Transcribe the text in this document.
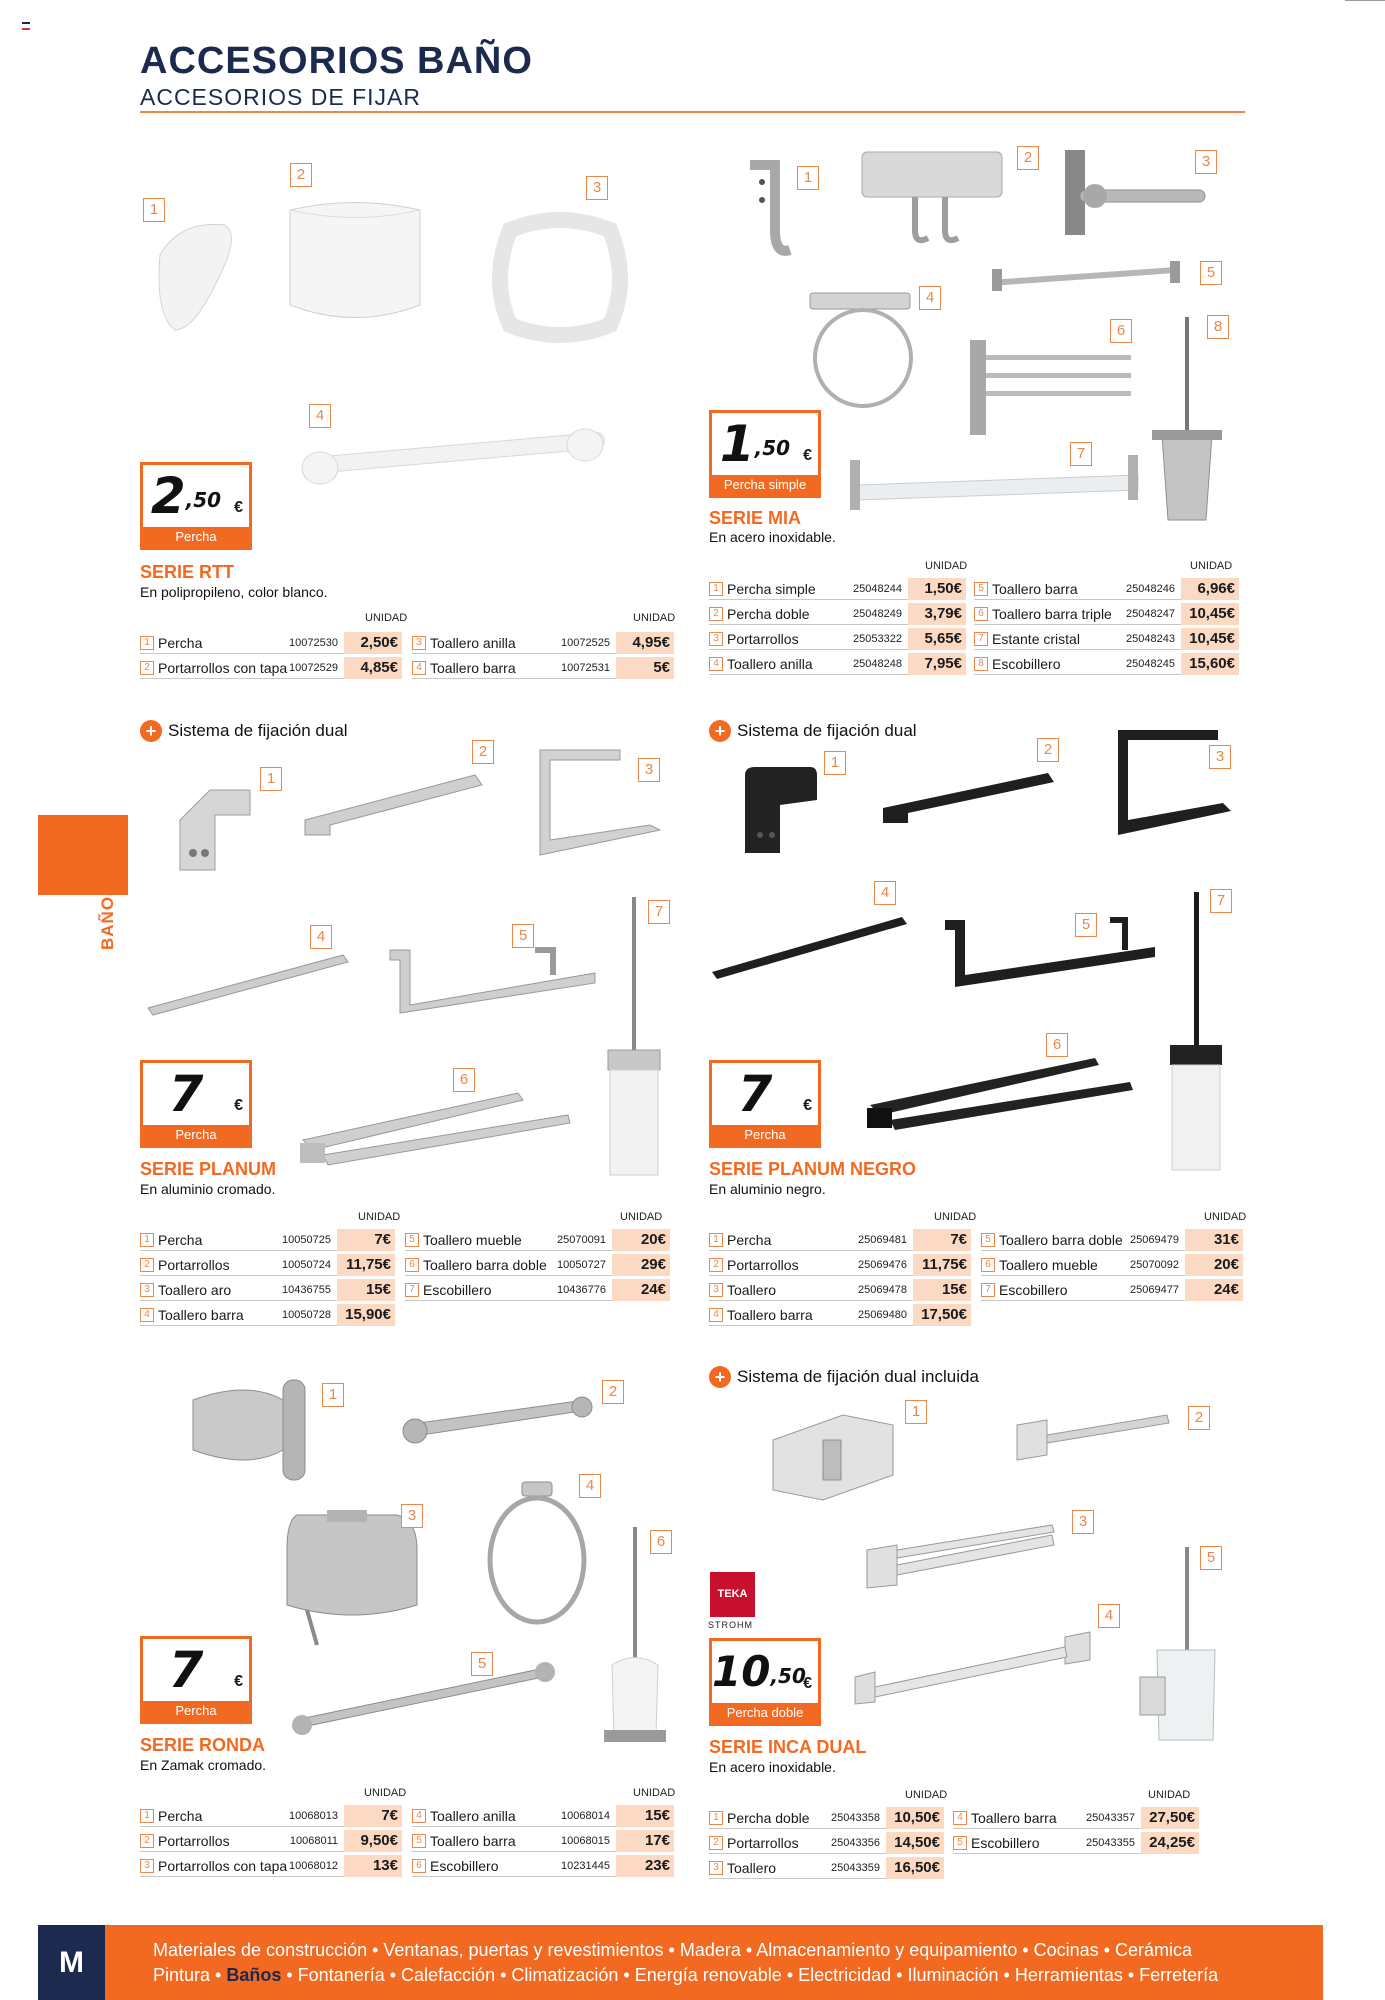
ACCESORIOS BAÑO
ACCESORIOS DE FIJAR
BAÑOS
1
2
3
4
$2^{,50}$ €
Percha
SERIE RTT
En polipropileno, color blanco.
UNIDAD	UNIDAD
1 Percha	10072530	2,50€
2 Portarrollos con tapa 10072529	4,85€
3 Toallero anilla	10072525	4,95€
4 Toallero barra	10072531	5€
1
2	3
4
5
6	8
7
$1^{,50}$ €
Percha simple
SERIE MIA
En acero inoxidable.
UNIDAD	UNIDAD
1 Percha simple	25048244	1,50€
2 Percha doble	25048249	3,79€
3 Portarrollos	25053322	5,65€
4 Toallero anilla	25048248	7,95€
5 Toallero barra	25048246	6,96€
6 Toallero barra triple	25048247 10,45€
7 Estante cristal	25048243 10,45€
8 Escobillero	25048245 15,60€
+ Sistema de fijación dual
1
2
3
4	5
7
6
7	€
Percha
SERIE PLANUM
En aluminio cromado.
UNIDAD	UNIDAD
1 Percha	10050725	7€
2 Portarrollos	10050724 11,75€
3 Toallero aro	10436755	15€
4 Toallero barra	10050728 15,90€
5 Toallero mueble	25070091	20€
6 Toallero barra doble 10050727	29€
7 Escobillero	10436776	24€
+ Sistema de fijación dual
1
2	3
4
5
7
6
7	€
Percha
SERIE PLANUM NEGRO
En aluminio negro.
UNIDAD	UNIDAD
1 Percha	25069481	7€
2 Portarrollos	25069476 11,75€
3 Toallero	25069478	15€
4 Toallero barra	25069480 17,50€
5 Toallero barra doble 25069479	31€
6 Toallero mueble	25070092	20€
7 Escobillero	25069477	24€
1	2
3
4
6
5
7	€
Percha
SERIE RONDA
En Zamak cromado.
UNIDAD	UNIDAD
1 Percha	10068013	7€
2 Portarrollos	10068011	9,50€
3 Portarrollos con tapa 10068012	13€
4 Toallero anilla	10068014	15€
5 Toallero barra	10068015	17€
6 Escobillero	10231445	23€
+ Sistema de fijación dual incluida
1	2
3
5
4
TEKA
STROHM
$10^{,50}$
€
Percha doble
SERIE INCA DUAL
En acero inoxidable.
UNIDAD	UNIDAD
1 Percha doble	25043358 10,50€
2 Portarrollos	25043356 14,50€
3 Toallero	25043359 16,50€
4 Toallero barra	25043357 27,50€
5 Escobillero	25043355 24,25€
Materiales de construcción • Ventanas, puertas y revestimientos • Madera • Almacenamiento y equipamiento • Cocinas • Cerámica
Pintura • Baños • Fontanería • Calefacción • Climatización • Energía renovable • Electricidad • Iluminación • Herramientas • Ferretería
M
